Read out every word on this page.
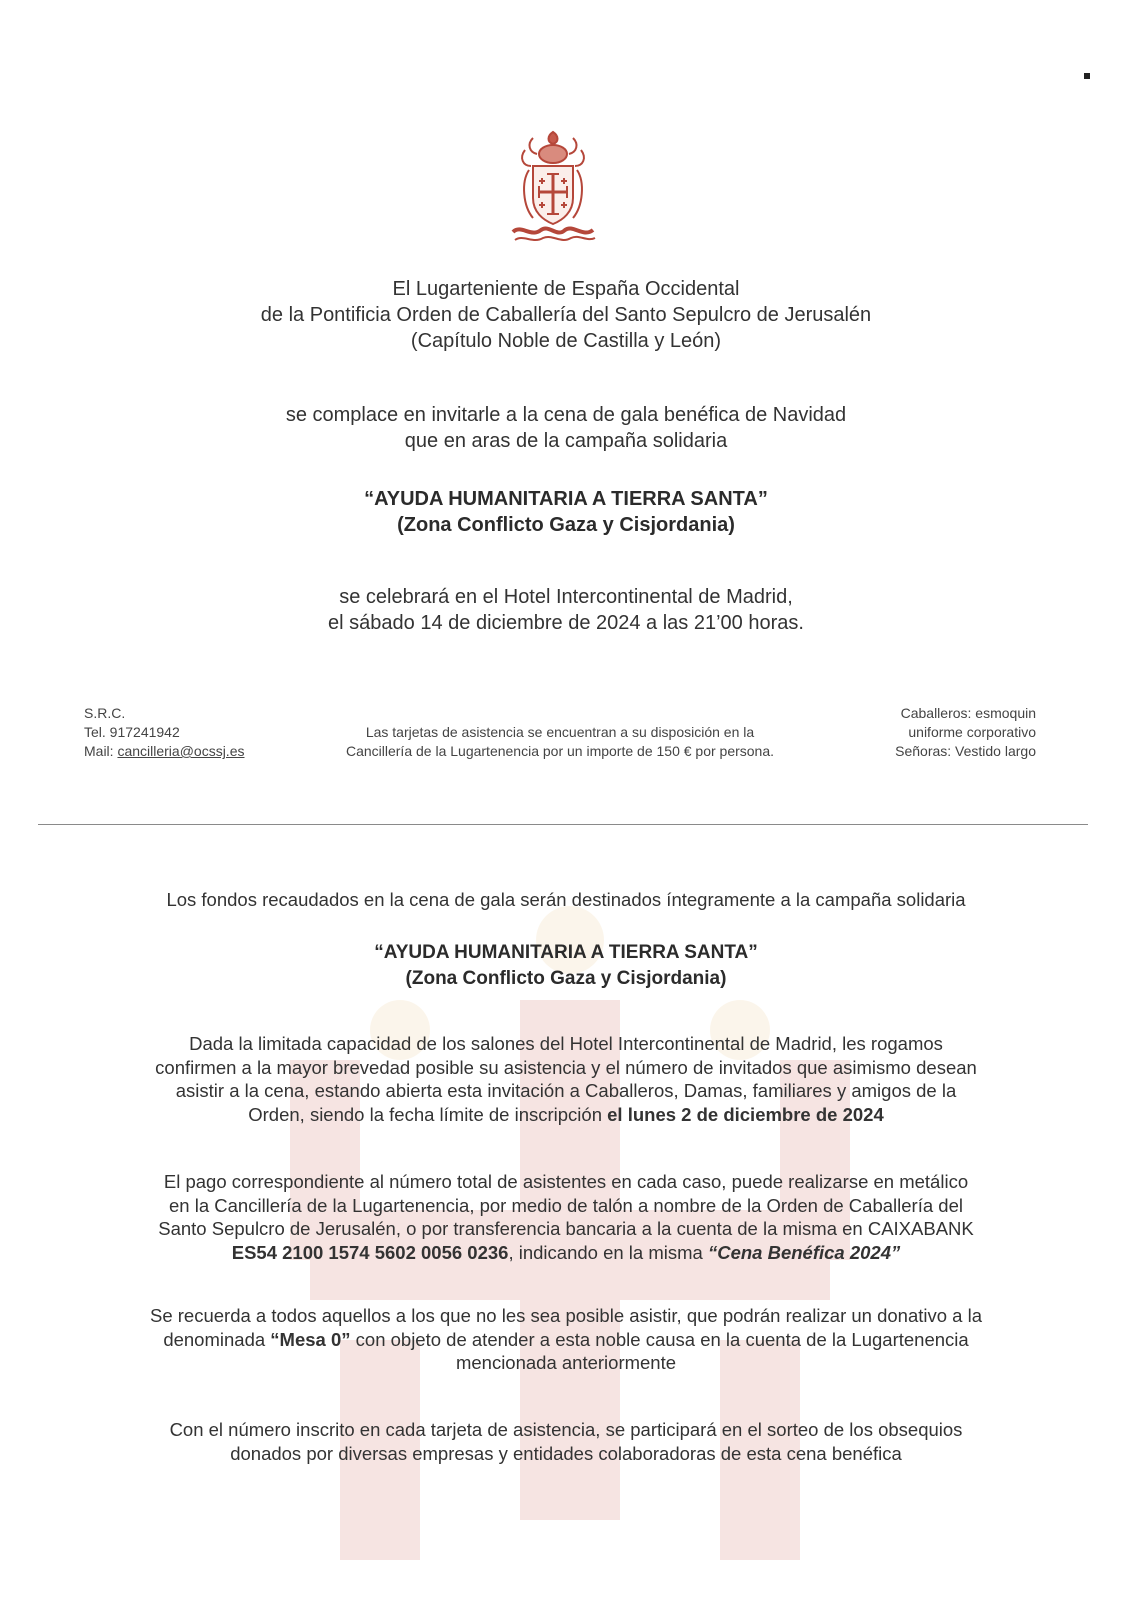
El Lugarteniente de España Occidental
de la Pontificia Orden de Caballería del Santo Sepulcro de Jerusalén
(Capítulo Noble de Castilla y León)
se complace en invitarle a la cena de gala benéfica de Navidad
que en aras de la campaña solidaria
“AYUDA HUMANITARIA A TIERRA SANTA”
(Zona Conflicto Gaza y Cisjordania)
se celebrará en el Hotel Intercontinental de Madrid,
el sábado 14 de diciembre de 2024 a las 21’00 horas.
S.R.C.
Tel. 917241942
Mail: cancilleria@ocssj.es
Las tarjetas de asistencia se encuentran a su disposición en la
Cancillería de la Lugartenencia por un importe de 150 € por persona.
Caballeros: esmoquin
uniforme corporativo
Señoras: Vestido largo
Los fondos recaudados en la cena de gala serán destinados íntegramente a la campaña solidaria
“AYUDA HUMANITARIA A TIERRA SANTA”
(Zona Conflicto Gaza y Cisjordania)
Dada la limitada capacidad de los salones del Hotel Intercontinental de Madrid, les rogamos
confirmen a la mayor brevedad posible su asistencia y el número de invitados que asimismo desean
asistir a la cena, estando abierta esta invitación a Caballeros, Damas, familiares y amigos de la
Orden, siendo la fecha límite de inscripción el lunes 2 de diciembre de 2024
El pago correspondiente al número total de asistentes en cada caso, puede realizarse en metálico
en la Cancillería de la Lugartenencia, por medio de talón a nombre de la Orden de Caballería del
Santo Sepulcro de Jerusalén, o por transferencia bancaria a la cuenta de la misma en CAIXABANK
ES54 2100 1574 5602 0056 0236, indicando en la misma “Cena Benéfica 2024”
Se recuerda a todos aquellos a los que no les sea posible asistir, que podrán realizar un donativo a la
denominada “Mesa 0” con objeto de atender a esta noble causa en la cuenta de la Lugartenencia
mencionada anteriormente
Con el número inscrito en cada tarjeta de asistencia, se participará en el sorteo de los obsequios
donados por diversas empresas y entidades colaboradoras de esta cena benéfica
